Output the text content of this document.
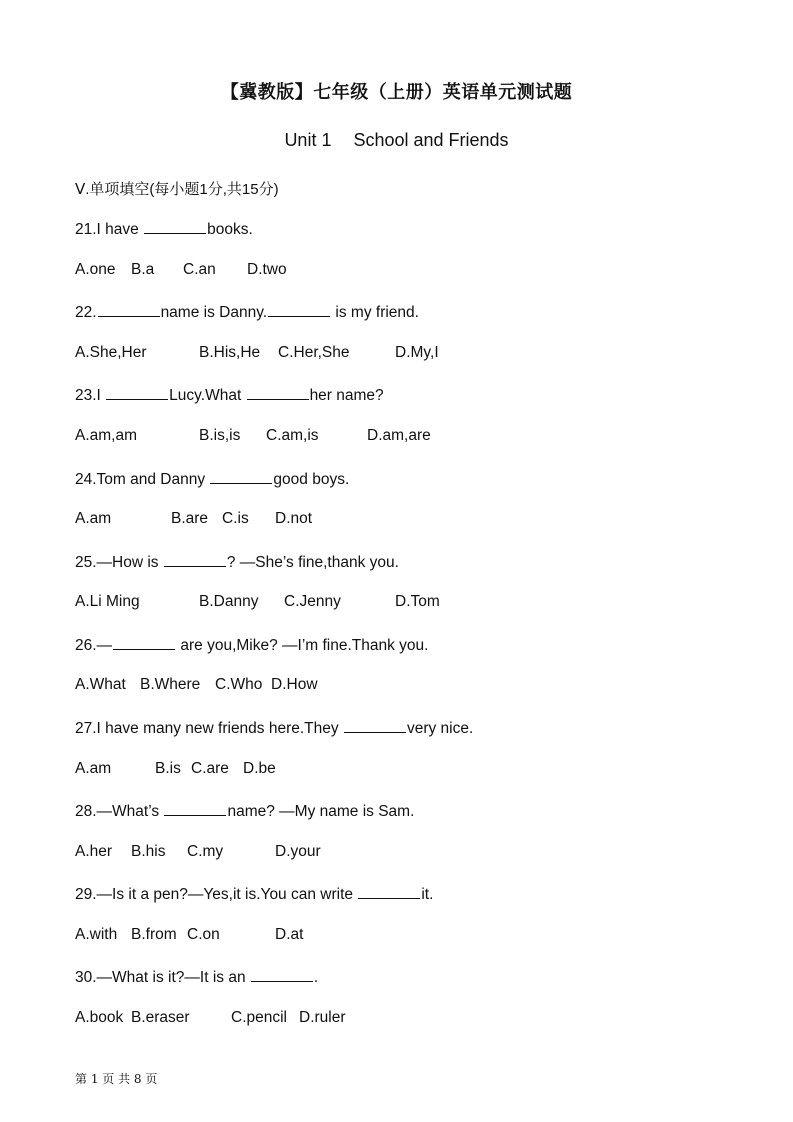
【冀教版】七年级（上册）英语单元测试题
Unit 1 School and Friends
Ⅴ.单项填空(每小题1分,共15分)
21.I have	books.
A.one B.a C.an D.two
22.	name is Danny.	is my friend.
A.She,Her	B.His,He C.Her,She	D.My,I
23.I	Lucy.What	her name?
A.am,am	B.is,is C.am,is	D.am,are
24.Tom and Danny	good boys.
A.am	B.are C.is D.not
25.—How is	? —She’s fine,thank you.
A.Li Ming	B.Danny C.Jenny	D.Tom
26.—	are you,Mike? —I’m fine.Thank you.
A.What B.Where C.Who D.How
27.I have many new friends here.They	very nice.
A.am	B.is C.are D.be
28.—What’s	name? —My name is Sam.
A.her B.his C.my	D.your
29.—Is it a pen?—Yes,it is.You can write	it.
A.with B.from C.on	D.at
30.—What is it?—It is an	.
A.book B.eraser	C.pencil D.ruler
第 1 页 共 8 页
